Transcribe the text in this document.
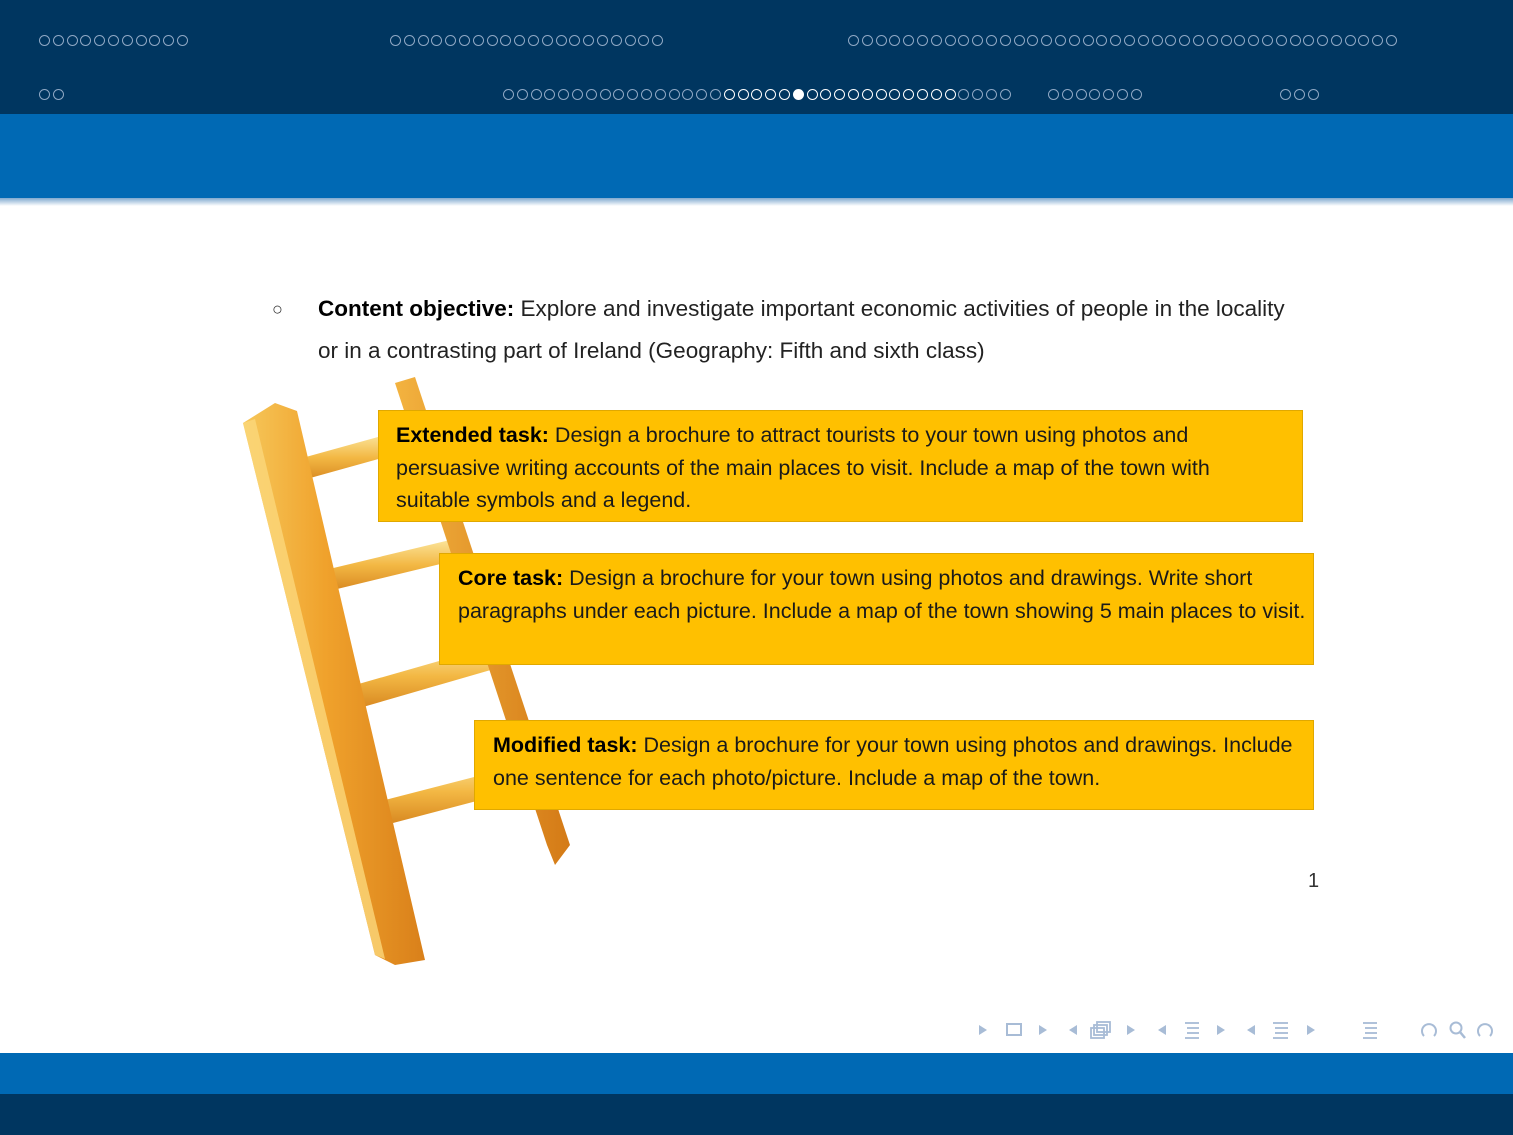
○ Content objective: Explore and investigate important economic activities of people in the locality or in a contrasting part of Ireland (Geography: Fifth and sixth class)
Extended task: Design a brochure to attract tourists to your town using photos and persuasive writing accounts of the main places to visit. Include a map of the town with suitable symbols and a legend.
Core task: Design a brochure for your town using photos and drawings. Write short paragraphs under each picture. Include a map of the town showing 5 main places to visit.
Modified task: Design a brochure for your town using photos and drawings. Include one sentence for each photo/picture. Include a map of the town.
1
